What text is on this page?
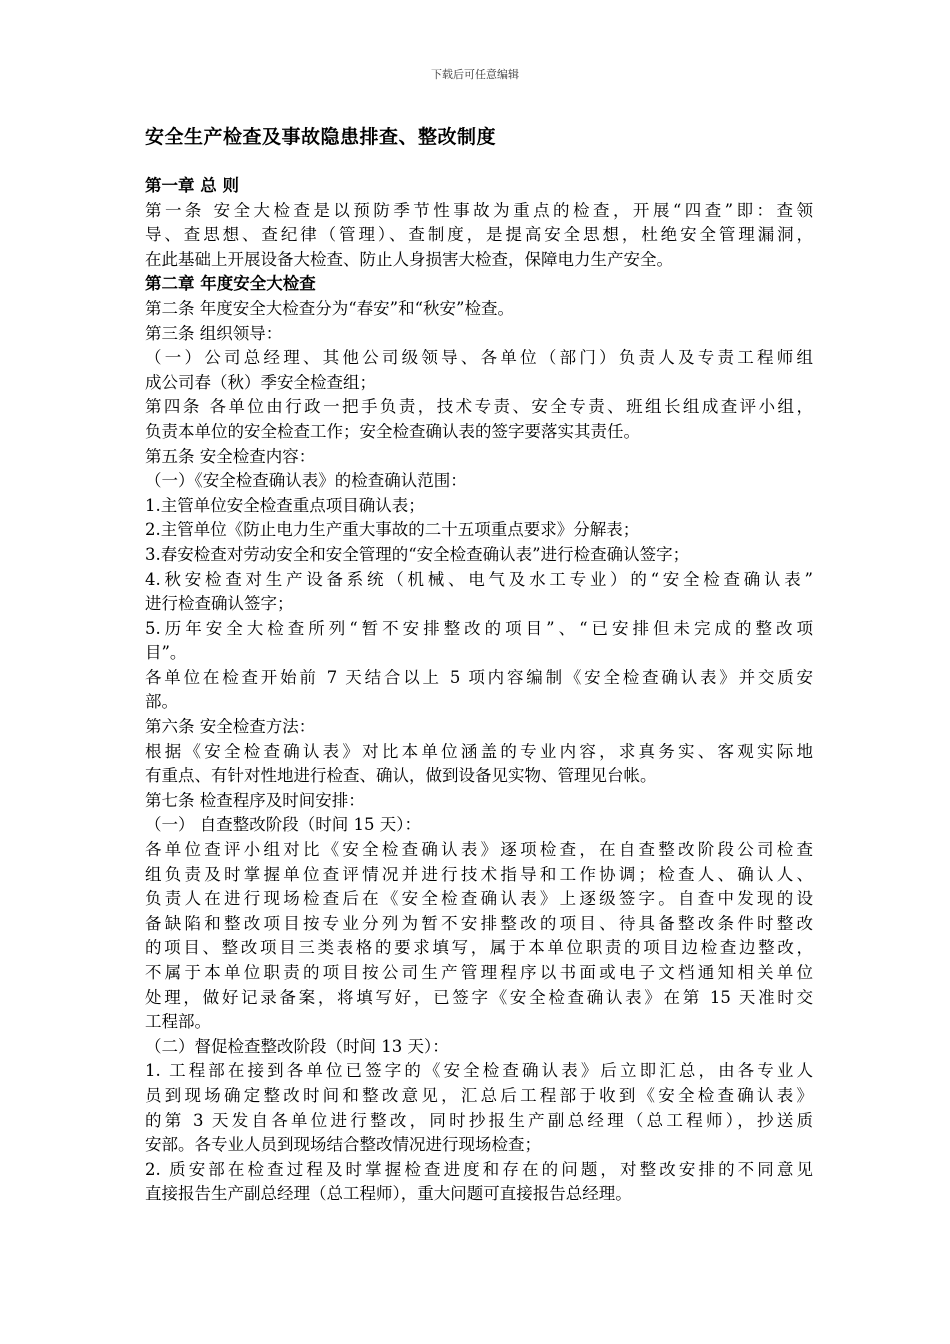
下载后可任意编辑
安全生产检查及事故隐患排查、整改制度

第一章 总 则

第一条 安全大检查是以预防季节性事故为重点的检查，开展“四查”即：查领

导、查思想、查纪律（管理）、查制度，是提高安全思想，杜绝安全管理漏洞，

在此基础上开展设备大检查、防止人身损害大检查，保障电力生产安全。

第二章 年度安全大检查

第二条 年度安全大检查分为“春安”和“秋安”检查。

第三条 组织领导：

（一）公司总经理、其他公司级领导、各单位（部门）负责人及专责工程师组

成公司春（秋）季安全检查组；

第四条 各单位由行政一把手负责，技术专责、安全专责、班组长组成查评小组，

负责本单位的安全检查工作；安全检查确认表的签字要落实其责任。

第五条 安全检查内容：

（一）《安全检查确认表》的检查确认范围：

1.主管单位安全检查重点项目确认表；

2.主管单位《防止电力生产重大事故的二十五项重点要求》分解表；

3.春安检查对劳动安全和安全管理的“安全检查确认表”进行检查确认签字；

4.秋安检查对生产设备系统（机械、电气及水工专业）的“安全检查确认表”

进行检查确认签字；

5.历年安全大检查所列“暂不安排整改的项目”、“已安排但未完成的整改项

目”。

各单位在检查开始前 7 天结合以上 5 项内容编制《安全检查确认表》并交质安

部。

第六条 安全检查方法：

根据《安全检查确认表》对比本单位涵盖的专业内容，求真务实、客观实际地

有重点、有针对性地进行检查、确认，做到设备见实物、管理见台帐。

第七条 检查程序及时间安排：

（一） 自查整改阶段（时间 15 天）：

各单位查评小组对比《安全检查确认表》逐项检查，在自查整改阶段公司检查

组负责及时掌握单位查评情况并进行技术指导和工作协调；检查人、确认人、

负责人在进行现场检查后在《安全检查确认表》上逐级签字。自查中发现的设

备缺陷和整改项目按专业分列为暂不安排整改的项目、待具备整改条件时整改

的项目、整改项目三类表格的要求填写，属于本单位职责的项目边检查边整改，

不属于本单位职责的项目按公司生产管理程序以书面或电子文档通知相关单位

处理，做好记录备案，将填写好，已签字《安全检查确认表》在第 15 天准时交

工程部。

（二）督促检查整改阶段（时间 13 天）：

1. 工程部在接到各单位已签字的《安全检查确认表》后立即汇总，由各专业人

员到现场确定整改时间和整改意见，汇总后工程部于收到《安全检查确认表》

的第 3 天发自各单位进行整改，同时抄报生产副总经理（总工程师），抄送质

安部。各专业人员到现场结合整改情况进行现场检查；

2. 质安部在检查过程及时掌握检查进度和存在的问题，对整改安排的不同意见

直接报告生产副总经理（总工程师），重大问题可直接报告总经理。
